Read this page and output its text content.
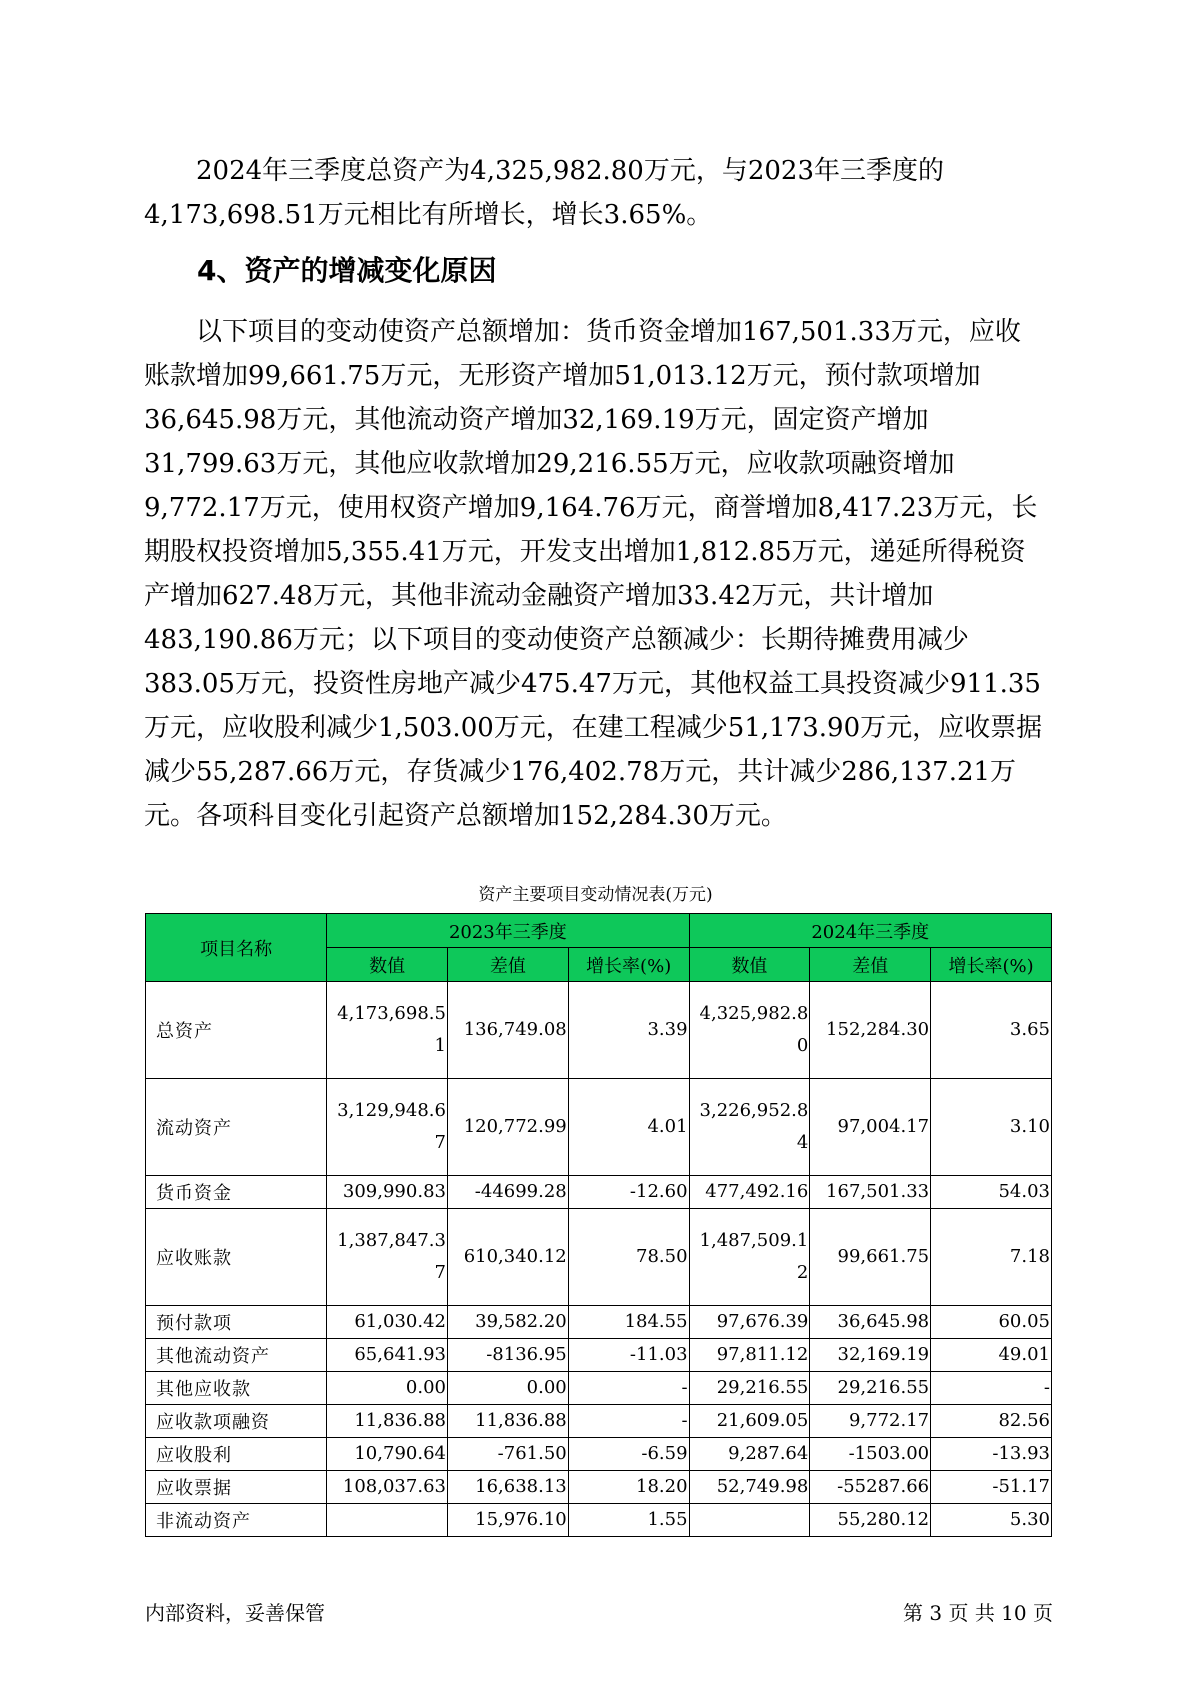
2024年三季度总资产为4,325,982.80万元，与2023年三季度的4,173,698.51万元相比有所增长，增长3.65%。

4、资产的增减变化原因

以下项目的变动使资产总额增加：货币资金增加167,501.33万元，应收账款增加99,661.75万元，无形资产增加51,013.12万元，预付款项增加36,645.98万元，其他流动资产增加32,169.19万元，固定资产增加31,799.63万元，其他应收款增加29,216.55万元，应收款项融资增加9,772.17万元，使用权资产增加9,164.76万元，商誉增加8,417.23万元，长期股权投资增加5,355.41万元，开发支出增加1,812.85万元，递延所得税资产增加627.48万元，其他非流动金融资产增加33.42万元，共计增加483,190.86万元；以下项目的变动使资产总额减少：长期待摊费用减少383.05万元，投资性房地产减少475.47万元，其他权益工具投资减少911.35万元，应收股利减少1,503.00万元，在建工程减少51,173.90万元，应收票据减少55,287.66万元，存货减少176,402.78万元，共计减少286,137.21万元。各项科目变化引起资产总额增加152,284.30万元。

资产主要项目变动情况表(万元)
项目名称	2023年三季度			2024年三季度		
	数值	差值	增长率(%)	数值	差值	增长率(%)
总资产	4,173,698.51	136,749.08	3.39	4,325,982.80	152,284.30	3.65
流动资产	3,129,948.67	120,772.99	4.01	3,226,952.84	97,004.17	3.10
货币资金	309,990.83	-44699.28	-12.60	477,492.16	167,501.33	54.03
应收账款	1,387,847.37	610,340.12	78.50	1,487,509.12	99,661.75	7.18
预付款项	61,030.42	39,582.20	184.55	97,676.39	36,645.98	60.05
其他流动资产	65,641.93	-8136.95	-11.03	97,811.12	32,169.19	49.01
其他应收款	0.00	0.00	-	29,216.55	29,216.55	-
应收款项融资	11,836.88	11,836.88	-	21,609.05	9,772.17	82.56
应收股利	10,790.64	-761.50	-6.59	9,287.64	-1503.00	-13.93
应收票据	108,037.63	16,638.13	18.20	52,749.98	-55287.66	-51.17
非流动资产		15,976.10	1.55		55,280.12	5.30
内部资料，妥善保管	第 3 页 共 10 页
